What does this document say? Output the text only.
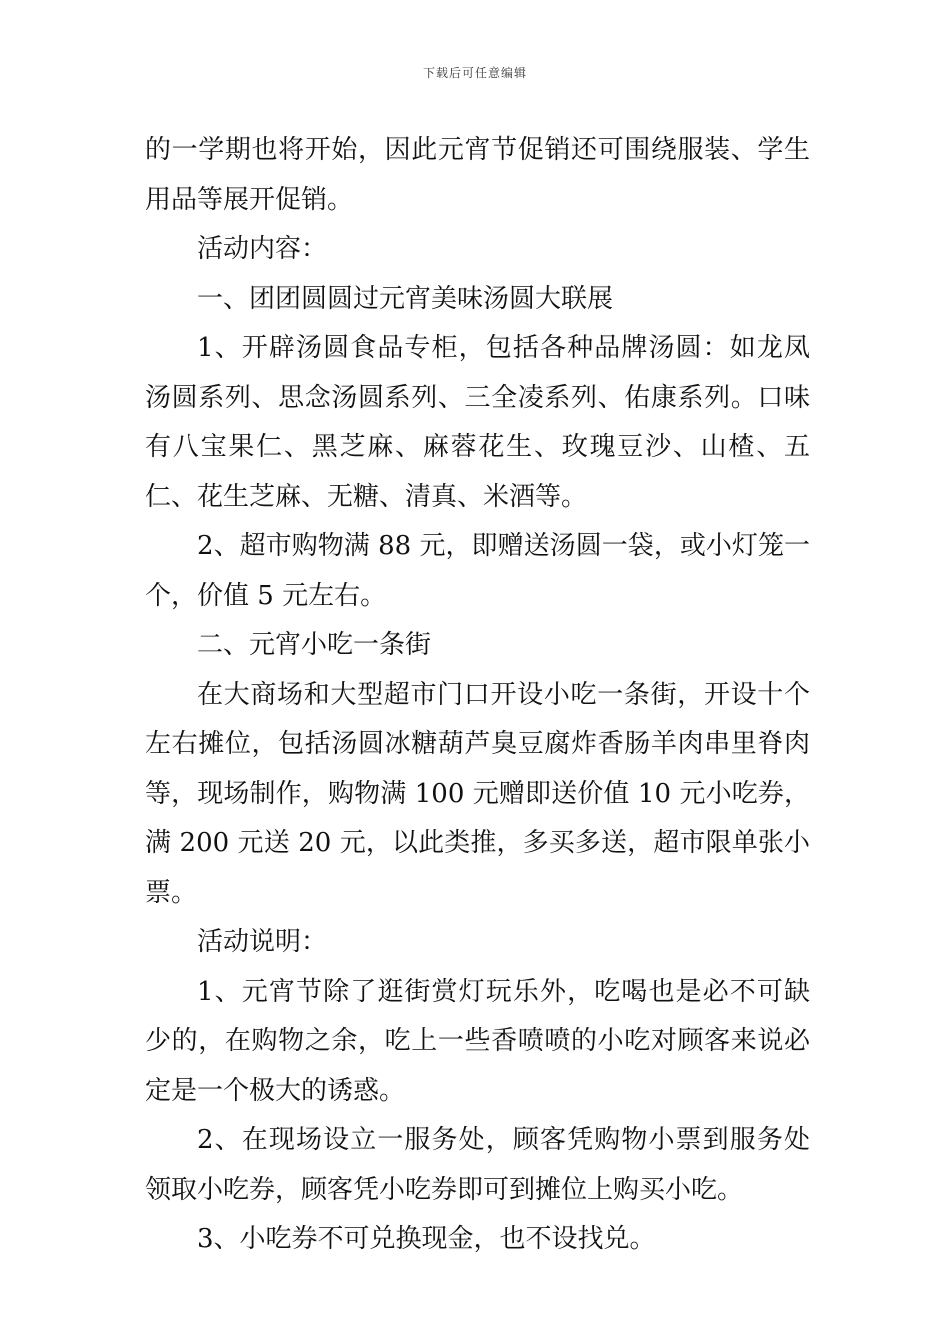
下载后可任意编辑

的一学期也将开始，因此元宵节促销还可围绕服装、学生用品等展开促销。

活动内容：

一、团团圆圆过元宵美味汤圆大联展

1、开辟汤圆食品专柜，包括各种品牌汤圆：如龙凤汤圆系列、思念汤圆系列、三全凌系列、佑康系列。口味有八宝果仁、黑芝麻、麻蓉花生、玫瑰豆沙、山楂、五仁、花生芝麻、无糖、清真、米酒等。

2、超市购物满 88 元，即赠送汤圆一袋，或小灯笼一个，价值 5 元左右。

二、元宵小吃一条街

在大商场和大型超市门口开设小吃一条街，开设十个左右摊位，包括汤圆冰糖葫芦臭豆腐炸香肠羊肉串里脊肉等，现场制作，购物满 100 元赠即送价值 10 元小吃券，满 200 元送 20 元，以此类推，多买多送，超市限单张小票。

活动说明：

1、元宵节除了逛街赏灯玩乐外，吃喝也是必不可缺少的，在购物之余，吃上一些香喷喷的小吃对顾客来说必定是一个极大的诱惑。

2、在现场设立一服务处，顾客凭购物小票到服务处领取小吃券，顾客凭小吃券即可到摊位上购买小吃。

3、小吃券不可兑换现金，也不设找兑。
